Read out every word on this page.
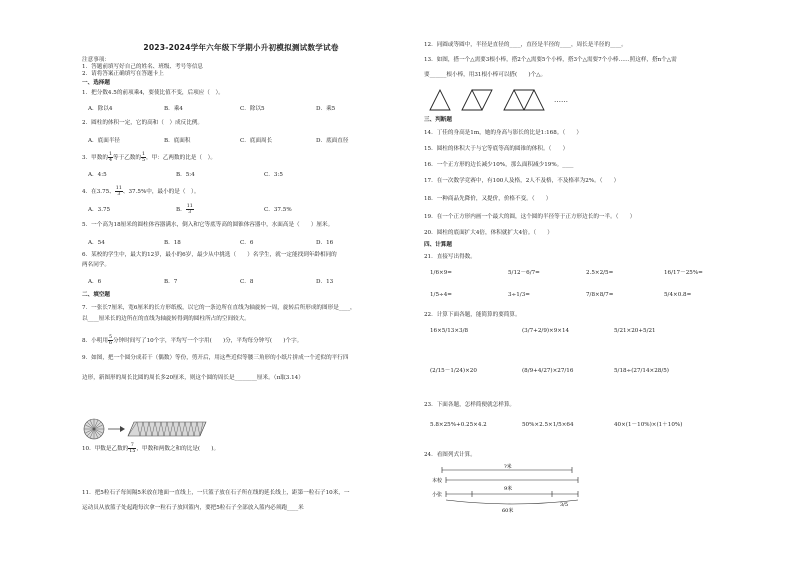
2023-2024学年六年级下学期小升初模拟测试数学试卷
注意事项：
1．答题前填写好自己的姓名、班级、考号等信息
2．请将答案正确填写在答题卡上
一、选择题
1．把分数4.5的前项乘4，要使比值不变，后项应（　）。
A．除以4	B．乘4	C．除以5	D．乘5
2．圆柱的体积一定，它的高和（　）成反比例。
A．底面半径	B．底面积	C．底面周长	D．底面直径
3．甲数的 $\frac{1}{4}$ 等于乙数的 $\frac{1}{5}$ ，甲：乙两数的比是（　）。
A．4:5	B．5:4	C．3:5
4．在3.75、 $\frac{11}{3}$ 、37.5%中，最小的是（　）。
A．3.75	B． $\frac{11}{3}$	C．37.5%
5．一个高为18厘米的圆柱体容器满水，倒入和它等底等高的圆锥体容器中，水面高是（　　）厘米。
A．54	B．18	C．6	D．16
6．某校的学生中，最大的12岁，最小的6岁，最少从中挑选（　　）名学生，就一定能找到年龄相同的
两名同学。
A．6	B．7	C．8	D．13
二、填空题
7．一张长7厘米，宽6厘米的长方形纸板，以它的一条边所在直线为轴旋转一周，旋转后所形成的图形是____，
以____厘米长的边所在的直线为轴旋转得到的圆柱所占的空间较大。
8．小明用 $\frac{5}{6}$ 分钟时间写了10个字，平均写一个字用(　　)分，平均每分钟写(　　)个字。
9．如图，把一个圆分成若干（偶数）等份，剪开后，用这些近似等腰三角形的小纸片拼成一个近似的平行四
边形，新图形的周长比圆的周长多20厘米，则这个圆的周长是________厘米。（π取3.14）
10．甲数是乙数的 $\frac{7}{15}$ ，甲数和两数之和的比是(　　)。
11．把5粒石子每间隔5米放在地面一直线上，一只篮子放在石子所在线的延长线上，距第一粒石子10米，一
运动员从放篮子处起跑每次拿一粒石子放回篮内，要把5粒石子全部放入篮内必须跑____米
12．同圆或等圆中，半径是直径的____，直径是半径的____，周长是半径的____。
13．如图，搭一个△需要3根小棒，搭2个△需要5个小棒，搭3个△需要7个小棒……照这样，搭n个△需
要______根小棒，用31根小棒可以搭(　　)个△。
……
三、判断题
14．丁佳的身高是1m，她的身高与影长的比是1:168。（　　）
15．圆柱的体积大于与它等底等高的圆锥的体积。（　　）
16．一个正方形的边长减少10%，那么面积减少19%。____
17．在一次数学竞赛中，有100人及格，2人不及格，不及格率为2%。（　　）
18．一种商品先降价，又提价，价格不变。（　　）
19．在一个正方形内画一个最大的圆，这个圆的半径等于正方形边长的一半。（　　）
20．圆柱的底面扩大4倍，体积就扩大4倍。（　　）
四、计算题
21．直接写出得数。
1/6×9=	5/12－6/7=	2.5×2/5=	16/17－25%=
1/5÷4=	3÷1/3=	7/8×8/7=	5/4×0.8=
22．计算下面各题，能简算的要简算。
16×5/13×3/8	(3/7+2/9)×9×14	5/21×20+5/21
(2/15－1/24)×20	(8/9+4/27)×27/16	5/18÷(27/14×28/5)
23．下面各题，怎样简便就怎样算。
5.8×25%+0.25×4.2	50%×2.5×1/5×64	40×(1－10%)×(1＋10%)
24．看图列式计算。
?米
本校
小张
9米
60米
3/5
